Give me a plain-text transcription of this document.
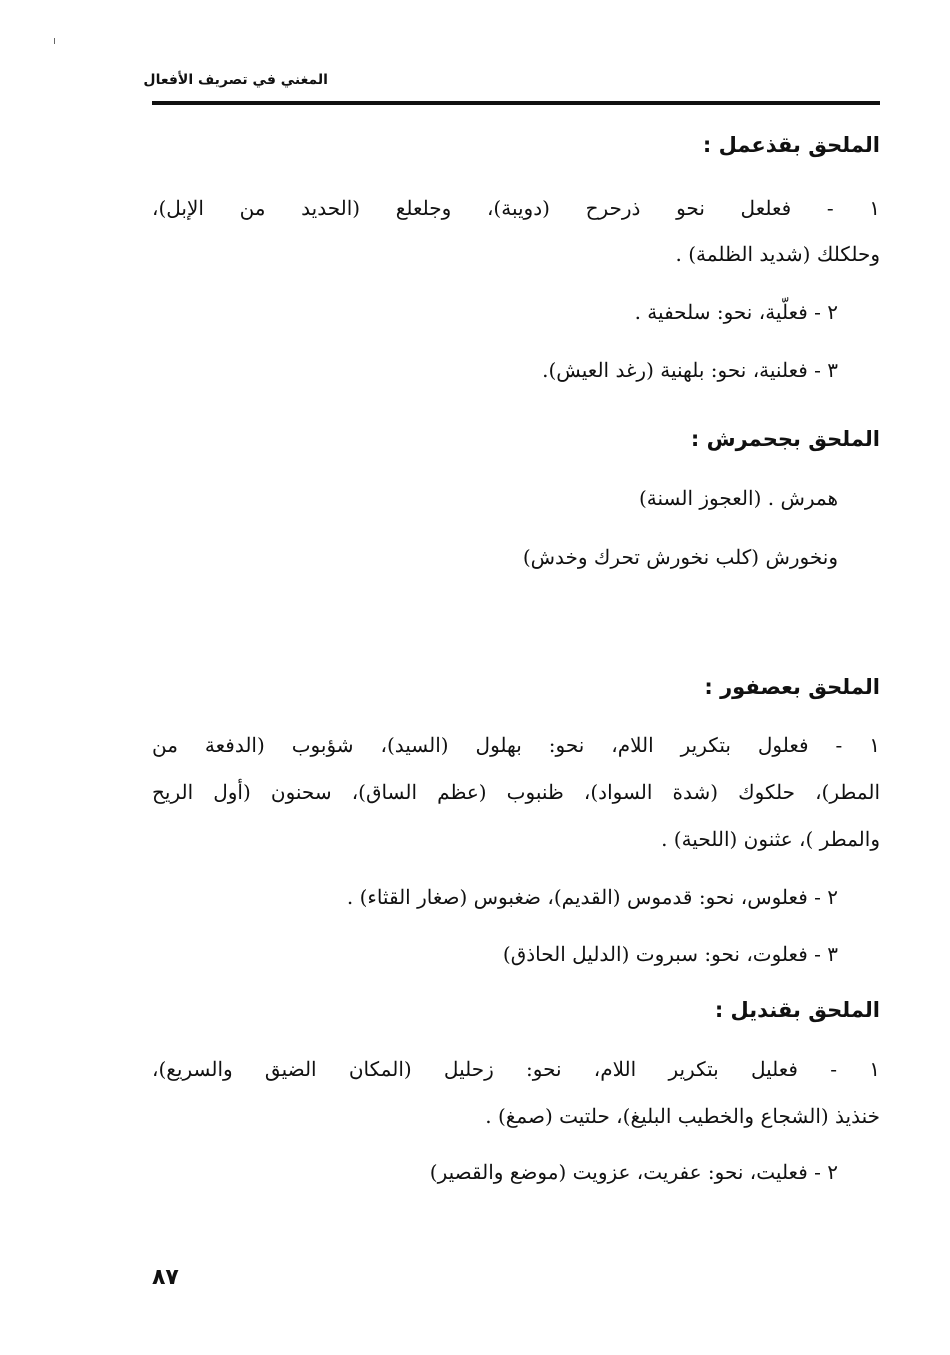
المغني في تصريف الأفعال
الملحق بقذعمل :
١ - فعلعل نحو ذرحرح (دويبة)، وجلعلع (الحديد من الإبل)،
وحلكلك (شديد الظلمة) .
٢ - فعلّية، نحو: سلحفية .
٣ - فعلنية، نحو: بلهنية (رغد العيش).
الملحق بجحمرش :
همرش . (العجوز السنة)
ونخورش (كلب نخورش تحرك وخدش)
الملحق بعصفور :
١ - فعلول بتكرير اللام، نحو: بهلول (السيد)، شؤبوب (الدفعة من
المطر)، حلكوك (شدة السواد)، ظنبوب (عظم الساق)، سحنون (أول الريح
والمطر )، عثنون (اللحية) .
٢ - فعلوس، نحو: قدموس (القديم)، ضغبوس (صغار القثاء) .
٣ - فعلوت، نحو: سبروت (الدليل الحاذق)
الملحق بقنديل :
١ - فعليل بتكرير اللام، نحو: زحليل (المكان الضيق والسريع)،
خنذيذ (الشجاع والخطيب البليغ)، حلتيت (صمغ) .
٢ - فعليت، نحو: عفريت، عزويت (موضع والقصير)
٨٧
